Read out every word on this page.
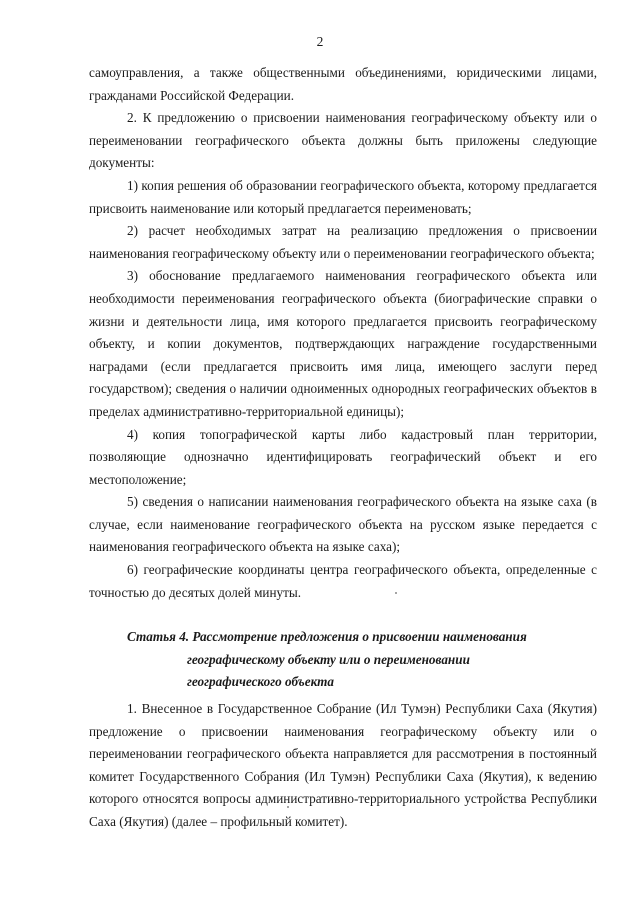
2

самоуправления, а также общественными объединениями, юридическими лицами, гражданами Российской Федерации.

2. К предложению о присвоении наименования географическому объекту или о переименовании географического объекта должны быть приложены следующие документы:

1) копия решения об образовании географического объекта, которому предлагается присвоить наименование или который предлагается переименовать;

2) расчет необходимых затрат на реализацию предложения о присвоении наименования географическому объекту или о переименовании географического объекта;

3) обоснование предлагаемого наименования географического объекта или необходимости переименования географического объекта (биографические справки о жизни и деятельности лица, имя которого предлагается присвоить географическому объекту, и копии документов, подтверждающих награждение государственными наградами (если предлагается присвоить имя лица, имеющего заслуги перед государством); сведения о наличии одноименных однородных географических объектов в пределах административно-территориальной единицы);

4) копия топографической карты либо кадастровый план территории, позволяющие однозначно идентифицировать географический объект и его местоположение;

5) сведения о написании наименования географического объекта на языке саха (в случае, если наименование географического объекта на русском языке передается с наименования географического объекта на языке саха);

6) географические координаты центра географического объекта, определенные с точностью до десятых долей минуты.

Статья 4. Рассмотрение предложения о присвоении наименования
географическому объекту или о переименовании
географического объекта

1. Внесенное в Государственное Собрание (Ил Тумэн) Республики Саха (Якутия) предложение о присвоении наименования географическому объекту или о переименовании географического объекта направляется для рассмотрения в постоянный комитет Государственного Собрания (Ил Тумэн) Республики Саха (Якутия), к ведению которого относятся вопросы административно-территориального устройства Республики Саха (Якутия) (далее – профильный комитет).
